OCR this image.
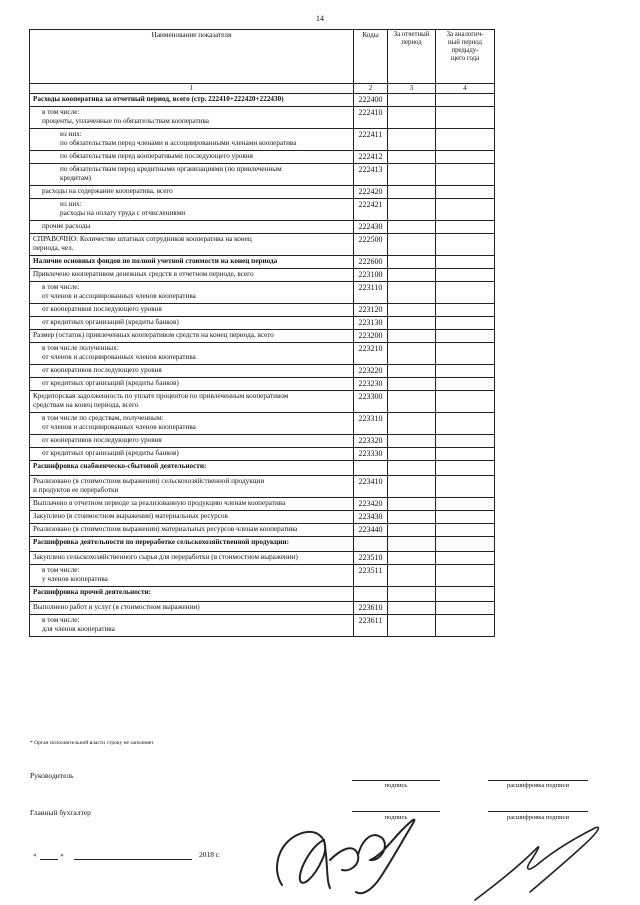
14
Наименование показателя	Коды	За отчетный
период	За аналогич-
ный период
предыду-
щего года
1	2	3	4

Расходы кооператива за отчетный период, всего (стр. 222410+222420+222430)	222400		

в том числе:
проценты, уплаченные по обязательствам кооператива	222410		

из них:
по обязательствам перед членами и ассоциированными членами кооператива	222411		

по обязательствам перед кооперативами последующего уровня	222412		

по обязательствам перед кредитными организациями (по привлеченным
кредитам)	222413		

расходы на содержание кооператива, всего	222420		

из них:
расходы на оплату труда с отчислениями	222421		

прочие расходы	222430		

СПРАВОЧНО: Количество штатных сотрудников кооператива на конец
периода, чел.	222500		

Наличие основных фондов по полной учетной стоимости на конец периода	222600		

Привлечено кооперативом денежных средств в отчетном периоде, всего	223100		

в том числе:
от членов и ассоциированных членов кооператива	223110		

от кооперативов последующего уровня	223120		

от кредитных организаций (кредиты банков)	223130		

Размер (остаток) привлеченных кооперативом средств на конец периода, всего	223200		

в том числе полученных:
от членов и ассоциированных членов кооператива	223210		

от кооперативов последующего уровня	223220		

от кредитных организаций (кредиты банков)	223230		

Кредиторская задолженность по уплате процентов по привлеченным кооперативом
средствам на конец периода, всего	223300		

в том числе по средствам, полученным:
от членов и ассоциированных членов кооператива	223310		

от кооперативов последующего уровня	223320		

от кредитных организаций (кредиты банков)	223330		

Расшифровка снабженческо-сбытовой деятельности:			

Реализовано (в стоимостном выражении) сельскохозяйственной продукции
и продуктов ее переработки	223410		

Выплачено в отчетном периоде за реализованную продукцию членам кооператива	223420		

Закуплено (в стоимостном выражении) материальных ресурсов	223430		

Реализовано (в стоимостном выражении) материальных ресурсов членам кооператива	223440		

Расшифровка деятельности по переработке сельскохозяйственной продукции:			

Закуплено сельскохозяйственного сырья для переработки (в стоимостном выражении)	223510		

в том числе:
у членов кооператива	223511		

Расшифровка прочей деятельности:			

Выполнено работ и услуг (в стоимостном выражении)	223610		

в том числе:
для членов кооператива	223611		
* Орган исполнительной власти строку не заполняет
Руководитель
подпись	расшифровка подписи
Главный бухгалтер
подпись	расшифровка подписи
«	»	2018 г.
